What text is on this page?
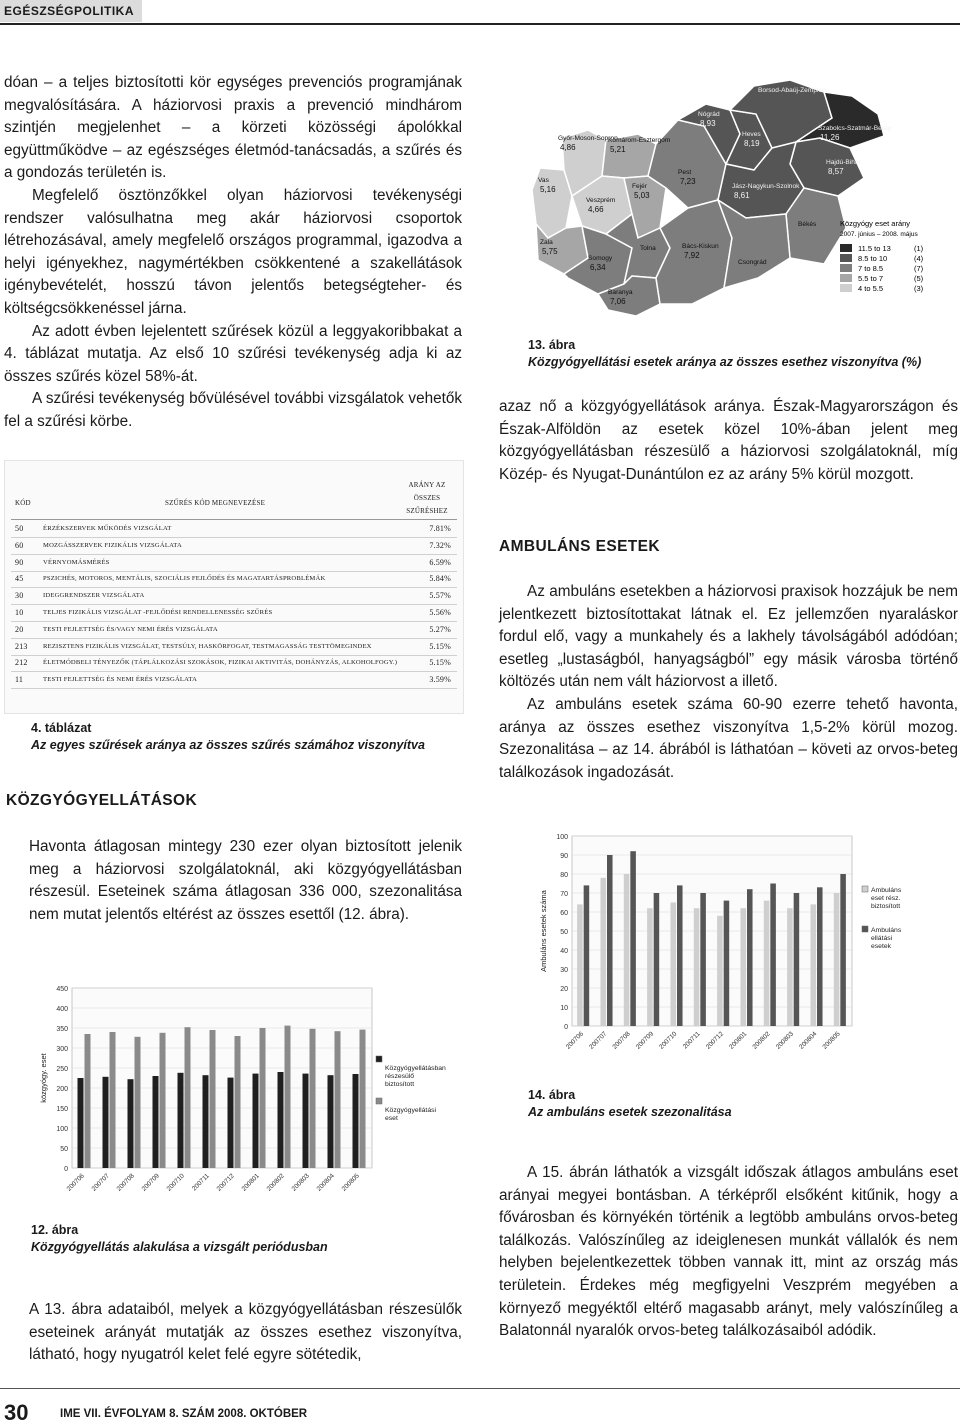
EGÉSZSÉGPOLITIKA

dóan – a teljes biztosítotti kör egységes prevenciós programjának megvalósítására. A háziorvosi praxis a prevenció mindhárom szintjén megjelenhet – a körzeti közösségi ápolókkal együttműködve – az egészséges életmód-tanácsadás, a szűrés és a gondozás területén is.

Megfelelő ösztönzőkkel olyan háziorvosi tevékenységi rendszer valósulhatna meg akár háziorvosi csoportok létrehozásával, amely megfelelő országos programmal, igazodva a helyi igényekhez, nagymértékben csökkentené a szakellátások igénybevételét, hosszú távon jelentős betegségteher- és költségcsökkenéssel járna.

Az adott évben lejelentett szűrések közül a leggyakoribbakat a 4. táblázat mutatja. Az első 10 szűrési tevékenység adja ki az összes szűrés közel 58%-át.

A szűrési tevékenység bővülésével további vizsgálatok vehetők fel a szűrési körbe.

KÓD	SZŰRÉS KÓD MEGNEVEZÉSE
ARÁNY AZ ÖSSZES SZŰRÉSHEZ
50	ÉRZÉKSZERVEK MŰKÖDÉS VIZSGÁLAT	7.81%
60	MOZGÁSSZERVEK FIZIKÁLIS VIZSGÁLATA	7.32%
90	VÉRNYOMÁSMÉRÉS	6.59%
45	PSZICHÉS, MOTOROS, MENTÁLIS, SZOCIÁLIS FEJLŐDÉS ÉS MAGATARTÁSPROBLÉMÁK	5.84%
30	IDEGGRENDSZER VIZSGÁLATA	5.57%
10	TELJES FIZIKÁLIS VIZSGÁLAT -FEJLŐDÉSI RENDELLENESSÉG SZŰRÉS	5.56%
20	TESTI FEJLETTSÉG ÉS/VAGY NEMI ÉRÉS VIZSGÁLATA	5.27%
213 REZISZTENS FIZIKÁLIS VIZSGÁLAT, TESTSÚLY, HASKÖRFOGAT, TESTMAGASSÁG TESTTÖMEGINDEX	5.15%
212 ÉLETMÓDBELI TÉNYEZŐK (TÁPLÁLKOZÁSI SZOKÁSOK, FIZIKAI AKTIVITÁS, DOHÁNYZÁS, ALKOHOLFOGY.)	5.15%
11	TESTI FEJLETTSÉG ÉS NEMI ÉRÉS VIZSGÁLATA	3.59%
4. táblázat
Az egyes szűrések aránya az összes szűrés számához viszonyítva
KÖZGYÓGYELLÁTÁSOK
Havonta átlagosan mintegy 230 ezer olyan biztosított jelenik meg a háziorvosi szolgálatoknál, aki közgyógyellátásban részesül. Eseteinek száma átlagosan 336 000, szezonalitása nem mutat jelentős eltérést az összes esettől (12. ábra).
0
50
100
150
200
250
300
350
400
450
200706 200707 200708 200709 200710 200711 200712 200801 200802 200803 200804 200805
közgyógy. eset	Közgyógyellátásban részesülő biztosított
Közgyógyellátási eset
12. ábra
Közgyógyellátás alakulása a vizsgált periódusban
A 13. ábra adataiból, melyek a közgyógyellátásban részesülők eseteinek arányát mutatják az összes esethez viszonyítva, látható, hogy nyugatról kelet felé egyre sötétedik,
Borsod-Abaúj-Zemplén
Szabolcs-Szatmár-Bereg
11,26
Nógrád
8,93
Heves
8,19
Hajdú-Bihar
8,57
Jász-Nagykun-Szolnok
8,61
Győr-Moson-Sopron
4,86
Komárom-Esztergom
5,21
Pest
7,23
Fejér
5,03
Vas
5,16
Veszprém
4,66
Zala
5,75
Somogy
6,34
Tolna	Bács-Kiskun
7,92
Csongrád
Békés
Baranya
7,06
Közgyógy eset arány
2007. június – 2008. május
11.5 to 13	(1)
8.5 to 10	(4)
7 to 8.5	(7)
5.5 to 7	(5)
4 to 5.5	(3)
13. ábra
Közgyógyellátási esetek aránya az összes esethez viszonyítva (%)
azaz nő a közgyógyellátások aránya. Észak-Magyarországon és Észak-Alföldön az esetek közel 10%-ában jelent meg közgyógyellátásban részesülő a háziorvosi szolgálatoknál, míg Közép- és Nyugat-Dunántúlon ez az arány 5% körül mozgott.
AMBULÁNS ESETEK

Az ambuláns esetekben a háziorvosi praxisok hozzájuk be nem jelentkezett biztosítottakat látnak el. Ez jellemzően nyaraláskor fordul elő, vagy a munkahely és a lakhely távolságából adódóan; esetleg „lustaságból, hanyagságból” egy másik városba történő költözés után nem vált háziorvost a illető.

Az ambuláns esetek száma 60-90 ezerre tehető havonta, aránya az összes esethez viszonyítva 1,5-2% körül mozog. Szezonalitása – az 14. ábrából is láthatóan – követi az orvos-beteg találkozások ingadozását.

0
10
20
30
40
50
60
70
80
90
100
200706 200707 200708 200709 200710 200711 200712 200801 200802 200803 200804 200805
Ambuláns esetek száma	Ambuláns eset rész. biztosított
Ambuláns ellátási esetek
14. ábra
Az ambuláns esetek szezonalitása

A 15. ábrán láthatók a vizsgált időszak átlagos ambuláns eset arányai megyei bontásban. A térképről elsőként kitűnik, hogy a fővárosban és környékén történik a legtöbb ambuláns orvos-beteg találkozás. Valószínűleg az ideiglenesen munkát vállalók és nem helyben bejelentkezettek többen vannak itt, mint az ország más területein. Érdekes még megfigyelni Veszprém megyében a környező megyéktől eltérő magasabb arányt, mely valószínűleg a Balatonnál nyaralók orvos-beteg találkozásaiból adódik.

30	IME VII. ÉVFOLYAM 8. SZÁM 2008. OKTÓBER
